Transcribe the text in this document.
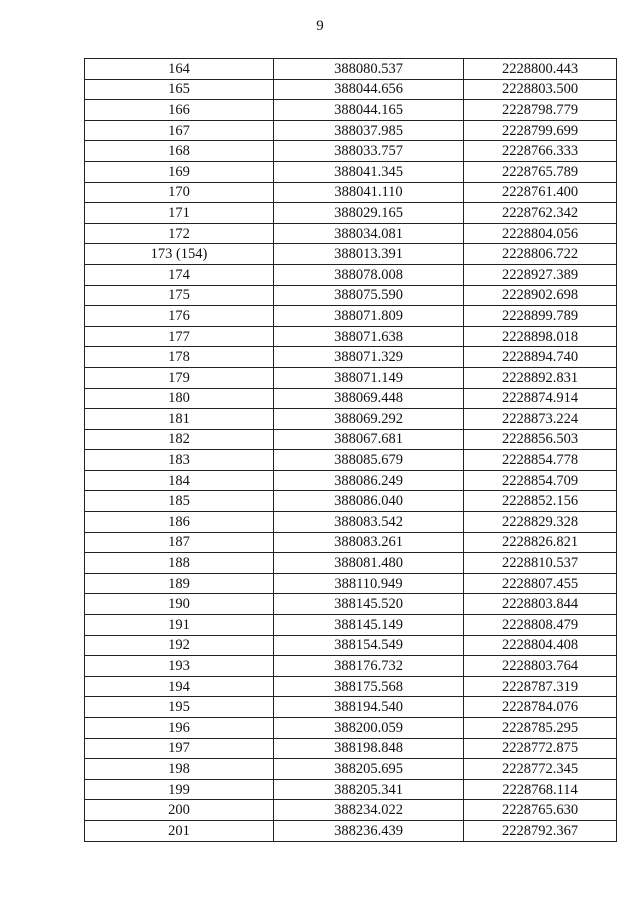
9
164	388080.537	2228800.443
165	388044.656	2228803.500
166	388044.165	2228798.779
167	388037.985	2228799.699
168	388033.757	2228766.333
169	388041.345	2228765.789
170	388041.110	2228761.400
171	388029.165	2228762.342
172	388034.081	2228804.056
173 (154)	388013.391	2228806.722
174	388078.008	2228927.389
175	388075.590	2228902.698
176	388071.809	2228899.789
177	388071.638	2228898.018
178	388071.329	2228894.740
179	388071.149	2228892.831
180	388069.448	2228874.914
181	388069.292	2228873.224
182	388067.681	2228856.503
183	388085.679	2228854.778
184	388086.249	2228854.709
185	388086.040	2228852.156
186	388083.542	2228829.328
187	388083.261	2228826.821
188	388081.480	2228810.537
189	388110.949	2228807.455
190	388145.520	2228803.844
191	388145.149	2228808.479
192	388154.549	2228804.408
193	388176.732	2228803.764
194	388175.568	2228787.319
195	388194.540	2228784.076
196	388200.059	2228785.295
197	388198.848	2228772.875
198	388205.695	2228772.345
199	388205.341	2228768.114
200	388234.022	2228765.630
201	388236.439	2228792.367
